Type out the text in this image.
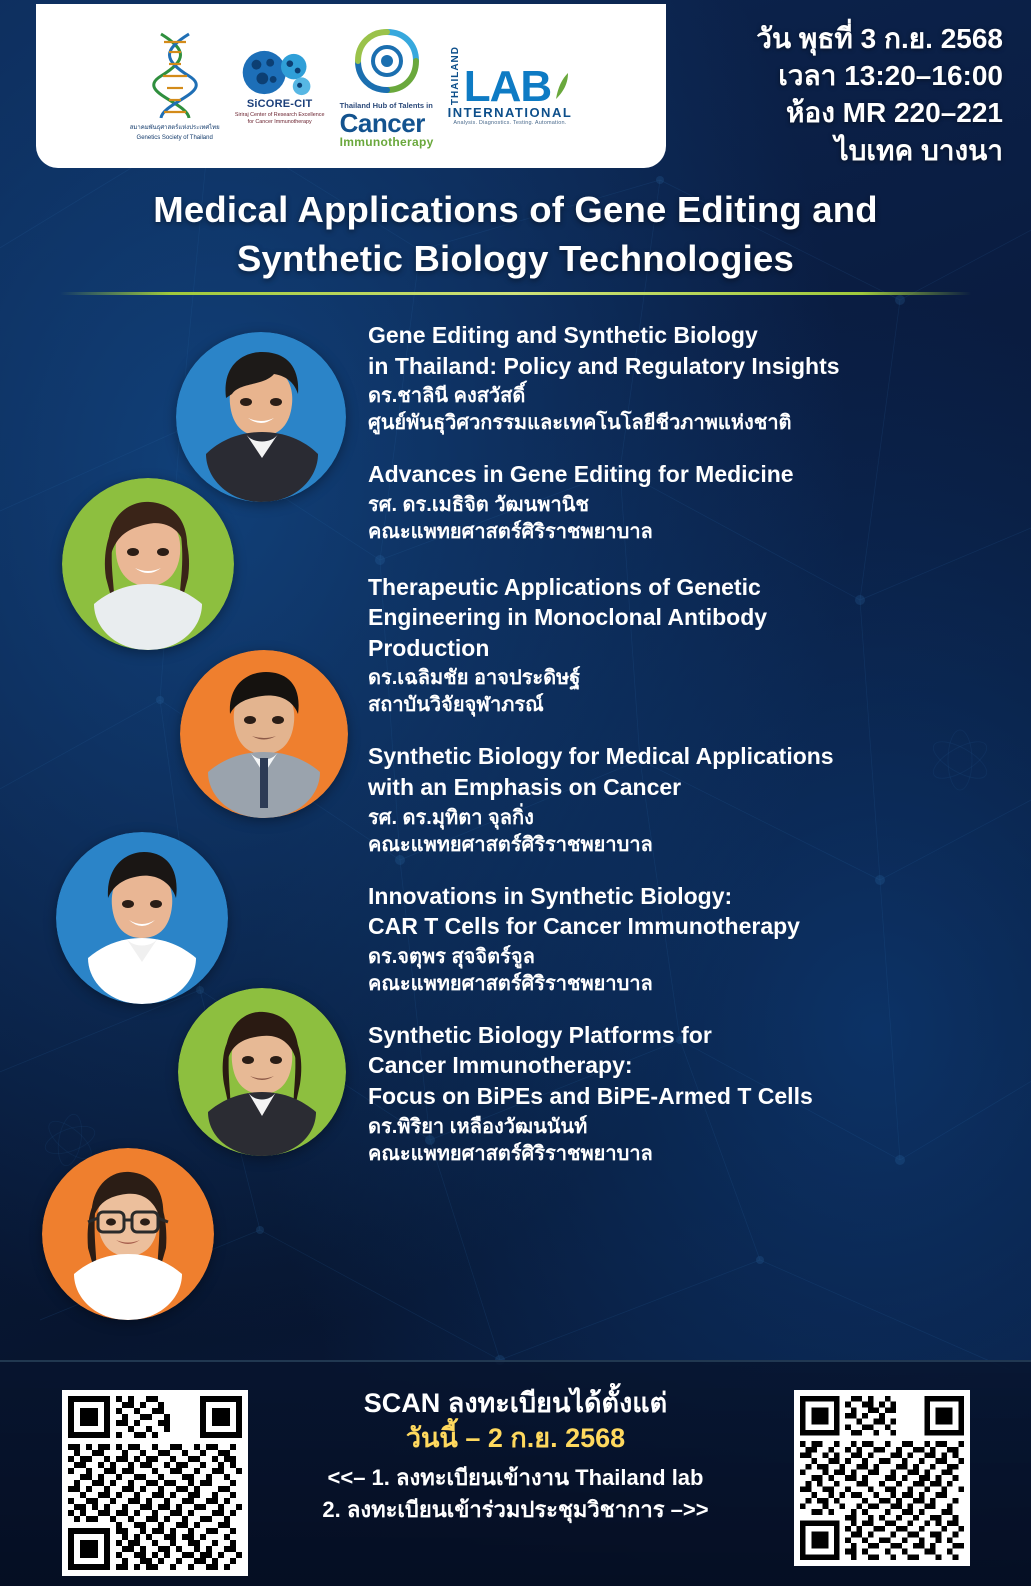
สมาคมพันธุศาสตร์แห่งประเทศไทย
Genetics Society of Thailand
SiCORE-CIT
Siriraj Center of Research Excellence for Cancer Immunotherapy
Thailand Hub of Talents in
Cancer
Immunotherapy
THAILAND LAB
INTERNATIONAL
Analysis. Diagnostics. Testing. Automation.
วัน พุธที่ 3 ก.ย. 2568
เวลา 13:20–16:00
ห้อง MR 220–221
ไบเทค บางนา
Medical Applications of Gene Editing and
Synthetic Biology Technologies
Gene Editing and Synthetic Biology
in Thailand: Policy and Regulatory Insights
ดร.ชาลินี คงสวัสดิ์
ศูนย์พันธุวิศวกรรมและเทคโนโลยีชีวภาพแห่งชาติ
Advances in Gene Editing for Medicine
รศ. ดร.เมธิจิต วัฒนพานิช
คณะแพทยศาสตร์ศิริราชพยาบาล
Therapeutic Applications of Genetic
Engineering in Monoclonal Antibody
Production
ดร.เฉลิมชัย อาจประดิษฐ์
สถาบันวิจัยจุฬาภรณ์
Synthetic Biology for Medical Applications
with an Emphasis on Cancer
รศ. ดร.มุทิตา จุลกิ่ง
คณะแพทยศาสตร์ศิริราชพยาบาล
Innovations in Synthetic Biology:
CAR T Cells for Cancer Immunotherapy
ดร.จตุพร สุจจิตร์จูล
คณะแพทยศาสตร์ศิริราชพยาบาล
Synthetic Biology Platforms for
Cancer Immunotherapy:
Focus on BiPEs and BiPE-Armed T Cells
ดร.พิริยา เหลืองวัฒนนันท์
คณะแพทยศาสตร์ศิริราชพยาบาล
SCAN ลงทะเบียนได้ตั้งแต่
วันนี้ – 2 ก.ย. 2568
<<– 1. ลงทะเบียนเข้างาน Thailand lab
2. ลงทะเบียนเข้าร่วมประชุมวิชาการ –>>
